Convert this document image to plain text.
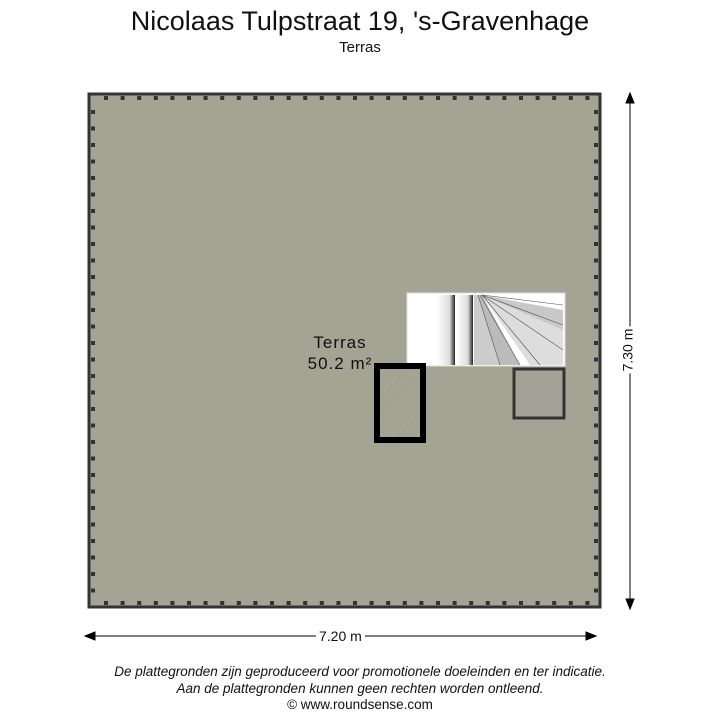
Nicolaas Tulpstraat 19, 's-Gravenhage
Terras
Terras
50.2 m²
7.20 m
7.30 m
De plattegronden zijn geproduceerd voor promotionele doeleinden en ter indicatie.
Aan de plattegronden kunnen geen rechten worden ontleend.
© www.roundsense.com
